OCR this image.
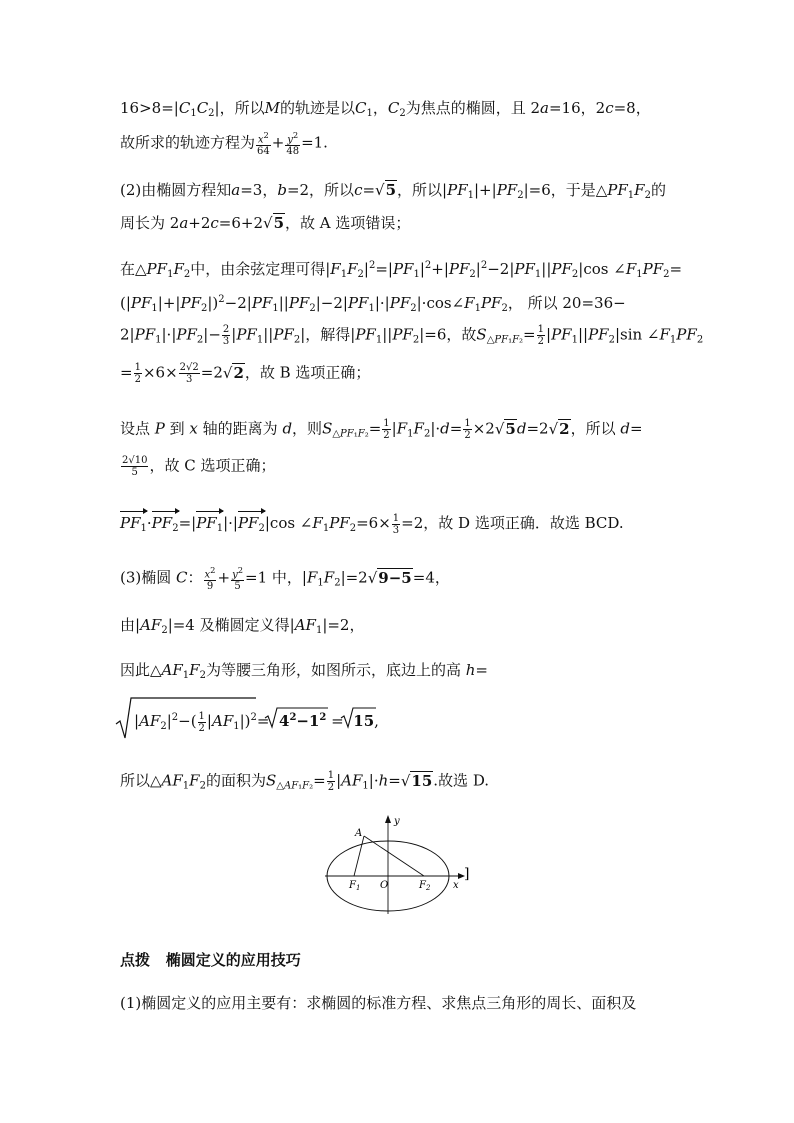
$16>8=|C_1C_2|$，所以M的轨迹是以$C_1$，$C_2$为焦点的椭圆，且 2a=16，2c=8，
故所求的轨迹方程为 $\frac{x^2}{64} + \frac{y^2}{48} =1$.
(2)由椭圆方程知a=3，b=2，所以c=√5，所以$|PF_1|+|PF_2|=6$，于是$\triangle PF_1F_2$的
周长为 2a+2c=6+2√5，故 A 选项错误；
在$\triangle PF_1F_2$中，由余弦定理可得$|F_1F_2|^2=|PF_1|^2+|PF_2|^2-2|PF_1||PF_2|\cos$ $\angle F_1PF_2=$
$(|PF_1|+|PF_2|)^2-2|PF_1||PF_2|-2|PF_1|\cdot|PF_2|\cdot\cos\angle F_1PF_2$， 所以 20=36−
$2|PF_1|\cdot|PF_2|- \frac{2}{3} |PF_1||PF_2|$，解得$|PF_1||PF_2|=6$，故$S_{\triangle PF_1F_2}= \frac{1}{2} |PF_1||PF_2|\sin$ $\angle F_1PF_2$
= $\frac{1}{2} \times 6\times \frac{2√2}{3} =2√2$，故 B 选项正确；
设点 P 到 x 轴的距离为 d，则$S_{\triangle PF_1F_2}= \frac{1}{2} |F_1F_2|\cdot d= \frac{1}{2} \times 2√5d=2√2$，所以 d=
$\frac{2√10}{5}$ ，故 C 选项正确；
$PF_1\cdot PF_2=|PF_1|\cdot|PF_2|\cos$ $\angle F_1PF_2=6\times \frac{1}{3} =2$，故 D 选项正确．故选 BCD.
(3)椭圆 C： $\frac{x^2}{9} + \frac{y^2}{5} =1$ 中，$|F_1F_2|=2√9-5=4$，
由$|AF_2|=4$ 及椭圆定义得$|AF_1|=2$，
因此$\triangle AF_1F_2$为等腰三角形，如图所示，底边上的高 h=
$|AF_2|^2-( \frac{1}{2} |AF_1|)^2= 4^2-1^2 = 15$,
所以$\triangle AF_1F_2$的面积为$S_{\triangle AF_1F_2}= \frac{1}{2} |AF_1|\cdot h=√15$.故选 D.
y
x
A
O
$F_1$	$F_2$
]
点拨 椭圆定义的应用技巧
(1)椭圆定义的应用主要有：求椭圆的标准方程、求焦点三角形的周长、面积及
